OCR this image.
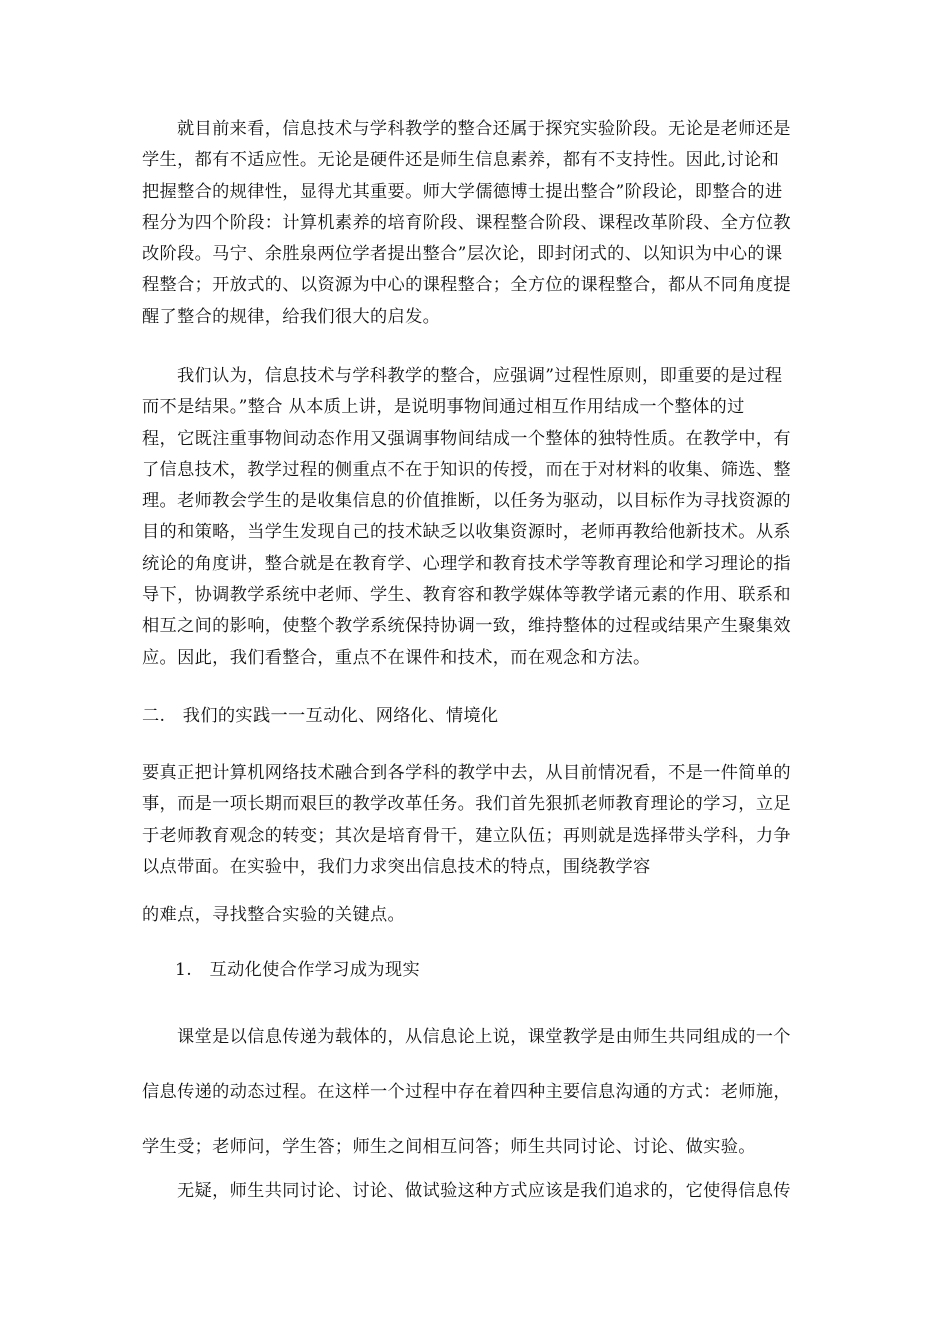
就目前来看，信息技术与学科教学的整合还属于探究实验阶段。无论是老师还是
学生，都有不适应性。无论是硬件还是师生信息素养，都有不支持性。因此,讨论和
把握整合的规律性，显得尤其重要。师大学儒德博士提出整合”阶段论，即整合的进
程分为四个阶段：计算机素养的培育阶段、课程整合阶段、课程改革阶段、全方位教
改阶段。马宁、余胜泉两位学者提出整合”层次论，即封闭式的、以知识为中心的课
程整合；开放式的、以资源为中心的课程整合；全方位的课程整合，都从不同角度提
醒了整合的规律，给我们很大的启发。
我们认为，信息技术与学科教学的整合，应强调”过程性原则，即重要的是过程
而不是结果。”整合 从本质上讲，是说明事物间通过相互作用结成一个整体的过
程，它既注重事物间动态作用又强调事物间结成一个整体的独特性质。在教学中，有
了信息技术，教学过程的侧重点不在于知识的传授，而在于对材料的收集、筛选、整
理。老师教会学生的是收集信息的价值推断，以任务为驱动，以目标作为寻找资源的
目的和策略，当学生发现自己的技术缺乏以收集资源时，老师再教给他新技术。从系
统论的角度讲，整合就是在教育学、心理学和教育技术学等教育理论和学习理论的指
导下，协调教学系统中老师、学生、教育容和教学媒体等教学诸元素的作用、联系和
相互之间的影响，使整个教学系统保持协调一致，维持整体的过程或结果产生聚集效
应。因此，我们看整合，重点不在课件和技术，而在观念和方法。
二.   我们的实践一一互动化、网络化、情境化
要真正把计算机网络技术融合到各学科的教学中去，从目前情况看，不是一件简单的
事，而是一项长期而艰巨的教学改革任务。我们首先狠抓老师教育理论的学习，立足
于老师教育观念的转变；其次是培育骨干，建立队伍；再则就是选择带头学科，力争
以点带面。在实验中，我们力求突出信息技术的特点，围绕教学容
的难点，寻找整合实验的关键点。
1.   互动化使合作学习成为现实
课堂是以信息传递为载体的，从信息论上说，课堂教学是由师生共同组成的一个
信息传递的动态过程。在这样一个过程中存在着四种主要信息沟通的方式：老师施，
学生受；老师问，学生答；师生之间相互问答；师生共同讨论、讨论、做实验。
无疑，师生共同讨论、讨论、做试验这种方式应该是我们追求的，它使得信息传
